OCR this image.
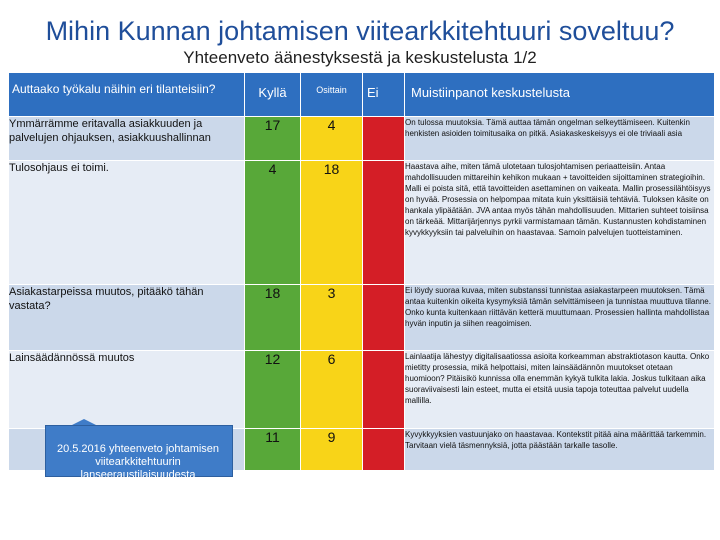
Mihin Kunnan johtamisen viitearkkitehtuuri soveltuu?
Yhteenveto äänestyksestä ja keskustelusta 1/2
Auttaako työkalu näihin eri tilanteisiin?	Kyllä	Osittain	Ei	Muistiinpanot keskustelusta
Ymmärrämme eritavalla asiakkuuden ja palvelujen ohjauksen, asiakkuushallinnan	17	4		On tulossa muutoksia. Tämä auttaa tämän ongelman selkeyttämiseen. Kuitenkin henkisten asioiden toimitusaika on pitkä. Asiakaskeskeisyys ei ole triviaali asia
Tulosohjaus ei toimi.	4	18		Haastava aihe, miten tämä ulotetaan tulosjohtamisen periaatteisiin. Antaa mahdollisuuden mittareihin kehikon mukaan + tavoitteiden sijoittaminen strategioihin. Malli ei poista sitä, että tavoitteiden asettaminen on vaikeata. Mallin prosessilähtöisyys on hyvää. Prosessia on helpompaa mitata kuin yksittäisiä tehtäviä. Tuloksen käsite on hankala ylipäätään. JVA antaa myös tähän mahdollisuuden. Mittarien suhteet toisiinsa on tärkeää. Mittarijärjennys pyrkii varmistamaan tämän. Kustannusten kohdistaminen kyvykkyyksiin tai palveluihin on haastavaa. Samoin palvelujen tuotteistaminen.
Asiakastarpeissa muutos, pitääkö tähän vastata?	18	3		Ei löydy suoraa kuvaa, miten substanssi tunnistaa asiakastarpeen muutoksen. Tämä antaa kuitenkin oikeita kysymyksiä tämän selvittämiseen ja tunnistaa muuttuva tilanne. Onko kunta kuitenkaan riittävän ketterä muuttumaan. Prosessien hallinta mahdollistaa hyvän inputin ja siihen reagoimisen.
Lainsäädännössä muutos	12	6		Lainlaatija lähestyy digitalisaatiossa asioita korkeamman abstraktiotason kautta. Onko mietitty prosessia, mikä helpottaisi, miten lainsäädännön muutokset otetaan huomioon? Pitäisikö kunnissa olla enemmän kykyä tulkita lakia. Joskus tulkitaan aika suoraviivaisesti lain esteet, mutta ei etsitä uusia tapoja toteuttaa palvelut uudella mallilla.
	11	9		Kyvykkyyksien vastuunjako on haastavaa. Kontekstit pitää aina määrittää tarkemmin. Tarvitaan vielä täsmennyksiä, jotta päästään tarkalle tasolle.
20.5.2016 yhteenveto johtamisen viitearkkitehtuurin lanseeraustilaisuudesta
